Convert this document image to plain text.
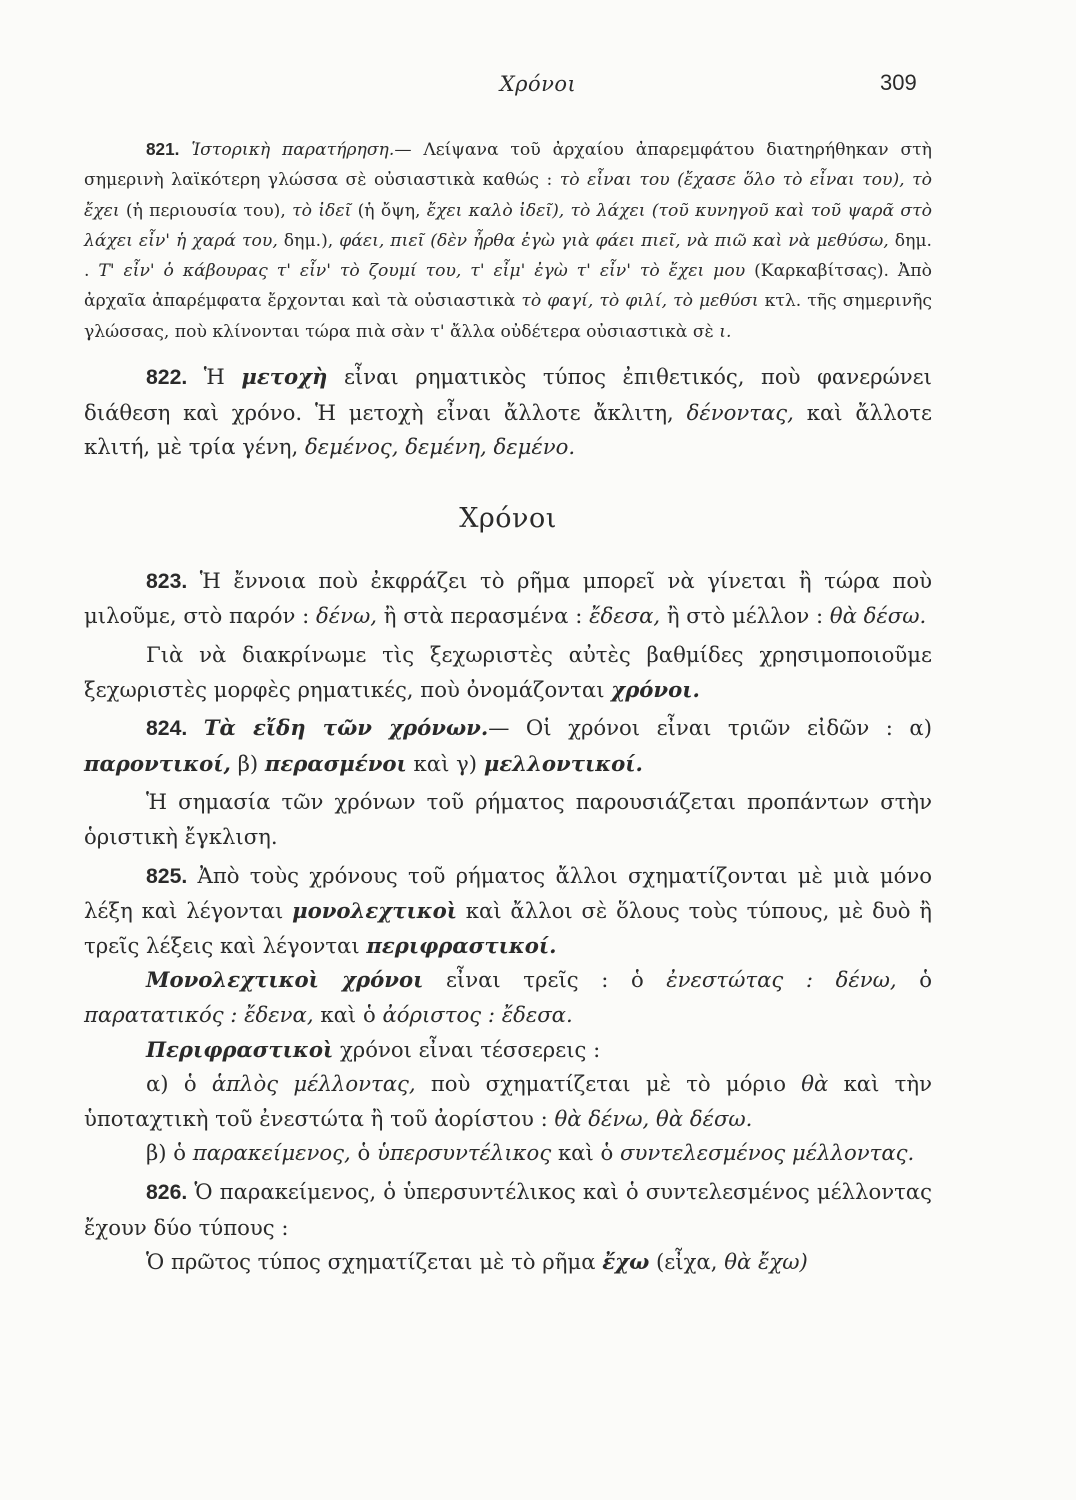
Χρόνοι	309

821. Ἱστορικὴ παρατήρηση.— Λείψανα τοῦ ἀρχαίου ἀπαρεμφάτου διατηρήθηκαν στὴ σημερινὴ λαϊκότερη γλώσσα σὲ οὐσιαστικὰ καθώς : τὸ εἶναι του (ἔχασε ὅλο τὸ εἶναι του), τὸ ἔχει (ἡ περιουσία του), τὸ ἰδεῖ (ἡ ὄψη, ἔχει καλὸ ἰδεῖ), τὸ λάχει (τοῦ κυνηγοῦ καὶ τοῦ ψαρᾶ στὸ λάχει εἶν' ἡ χαρά του, δημ.), φάει, πιεῖ (δὲν ἦρθα ἐγὼ γιὰ φάει πιεῖ, νὰ πιῶ καὶ νὰ μεθύσω, δημ. . Τ' εἶν' ὁ κάβουρας τ' εἶν' τὸ ζουμί του, τ' εἶμ' ἐγὼ τ' εἶν' τὸ ἔχει μου (Καρκαβίτσας). Ἀπὸ ἀρχαῖα ἀπαρέμφατα ἔρχονται καὶ τὰ οὐσιαστικὰ τὸ φαγί, τὸ φιλί, τὸ μεθύσι κτλ. τῆς σημερινῆς γλώσσας, ποὺ κλίνονται τώρα πιὰ σὰν τ' ἄλλα οὐδέτερα οὐσιαστικὰ σὲ ι.

822. Ἡ μετοχὴ εἶναι ρηματικὸς τύπος ἐπιθετικός, ποὺ φανερώνει διάθεση καὶ χρόνο. Ἡ μετοχὴ εἶναι ἄλλοτε ἄκλιτη, δένοντας, καὶ ἄλλοτε κλιτή, μὲ τρία γένη, δεμένος, δεμένη, δεμένο.

Χρόνοι

823. Ἡ ἔννοια ποὺ ἐκφράζει τὸ ρῆμα μπορεῖ νὰ γίνεται ἢ τώρα ποὺ μιλοῦμε, στὸ παρόν : δένω, ἢ στὰ περασμένα : ἔδεσα, ἢ στὸ μέλλον : θὰ δέσω.

Γιὰ νὰ διακρίνωμε τὶς ξεχωριστὲς αὐτὲς βαθμίδες χρησιμοποιοῦμε ξεχωριστὲς μορφὲς ρηματικές, ποὺ ὀνομάζονται χρόνοι.

824. Τὰ εἴδη τῶν χρόνων.— Οἱ χρόνοι εἶναι τριῶν εἰδῶν : α) παροντικοί, β) περασμένοι καὶ γ) μελλοντικοί.

Ἡ σημασία τῶν χρόνων τοῦ ρήματος παρουσιάζεται προπάντων στὴν ὁριστικὴ ἔγκλιση.

825. Ἀπὸ τοὺς χρόνους τοῦ ρήματος ἄλλοι σχηματίζονται μὲ μιὰ μόνο λέξη καὶ λέγονται μονολεχτικοὶ καὶ ἄλλοι σὲ ὅλους τοὺς τύπους, μὲ δυὸ ἢ τρεῖς λέξεις καὶ λέγονται περιφραστικοί.

Μονολεχτικοὶ χρόνοι εἶναι τρεῖς : ὁ ἐνεστώτας : δένω, ὁ παρατατικός : ἔδενα, καὶ ὁ ἀόριστος : ἔδεσα.

Περιφραστικοὶ χρόνοι εἶναι τέσσερεις :

α) ὁ ἁπλὸς μέλλοντας, ποὺ σχηματίζεται μὲ τὸ μόριο θὰ καὶ τὴν ὑποταχτικὴ τοῦ ἐνεστώτα ἢ τοῦ ἀορίστου : θὰ δένω, θὰ δέσω.

β) ὁ παρακείμενος, ὁ ὑπερσυντέλικος καὶ ὁ συντελεσμένος μέλλοντας.

826. Ὁ παρακείμενος, ὁ ὑπερσυντέλικος καὶ ὁ συντελεσμένος μέλλοντας ἔχουν δύο τύπους :

Ὁ πρῶτος τύπος σχηματίζεται μὲ τὸ ρῆμα ἔχω (εἶχα, θὰ ἔχω)
